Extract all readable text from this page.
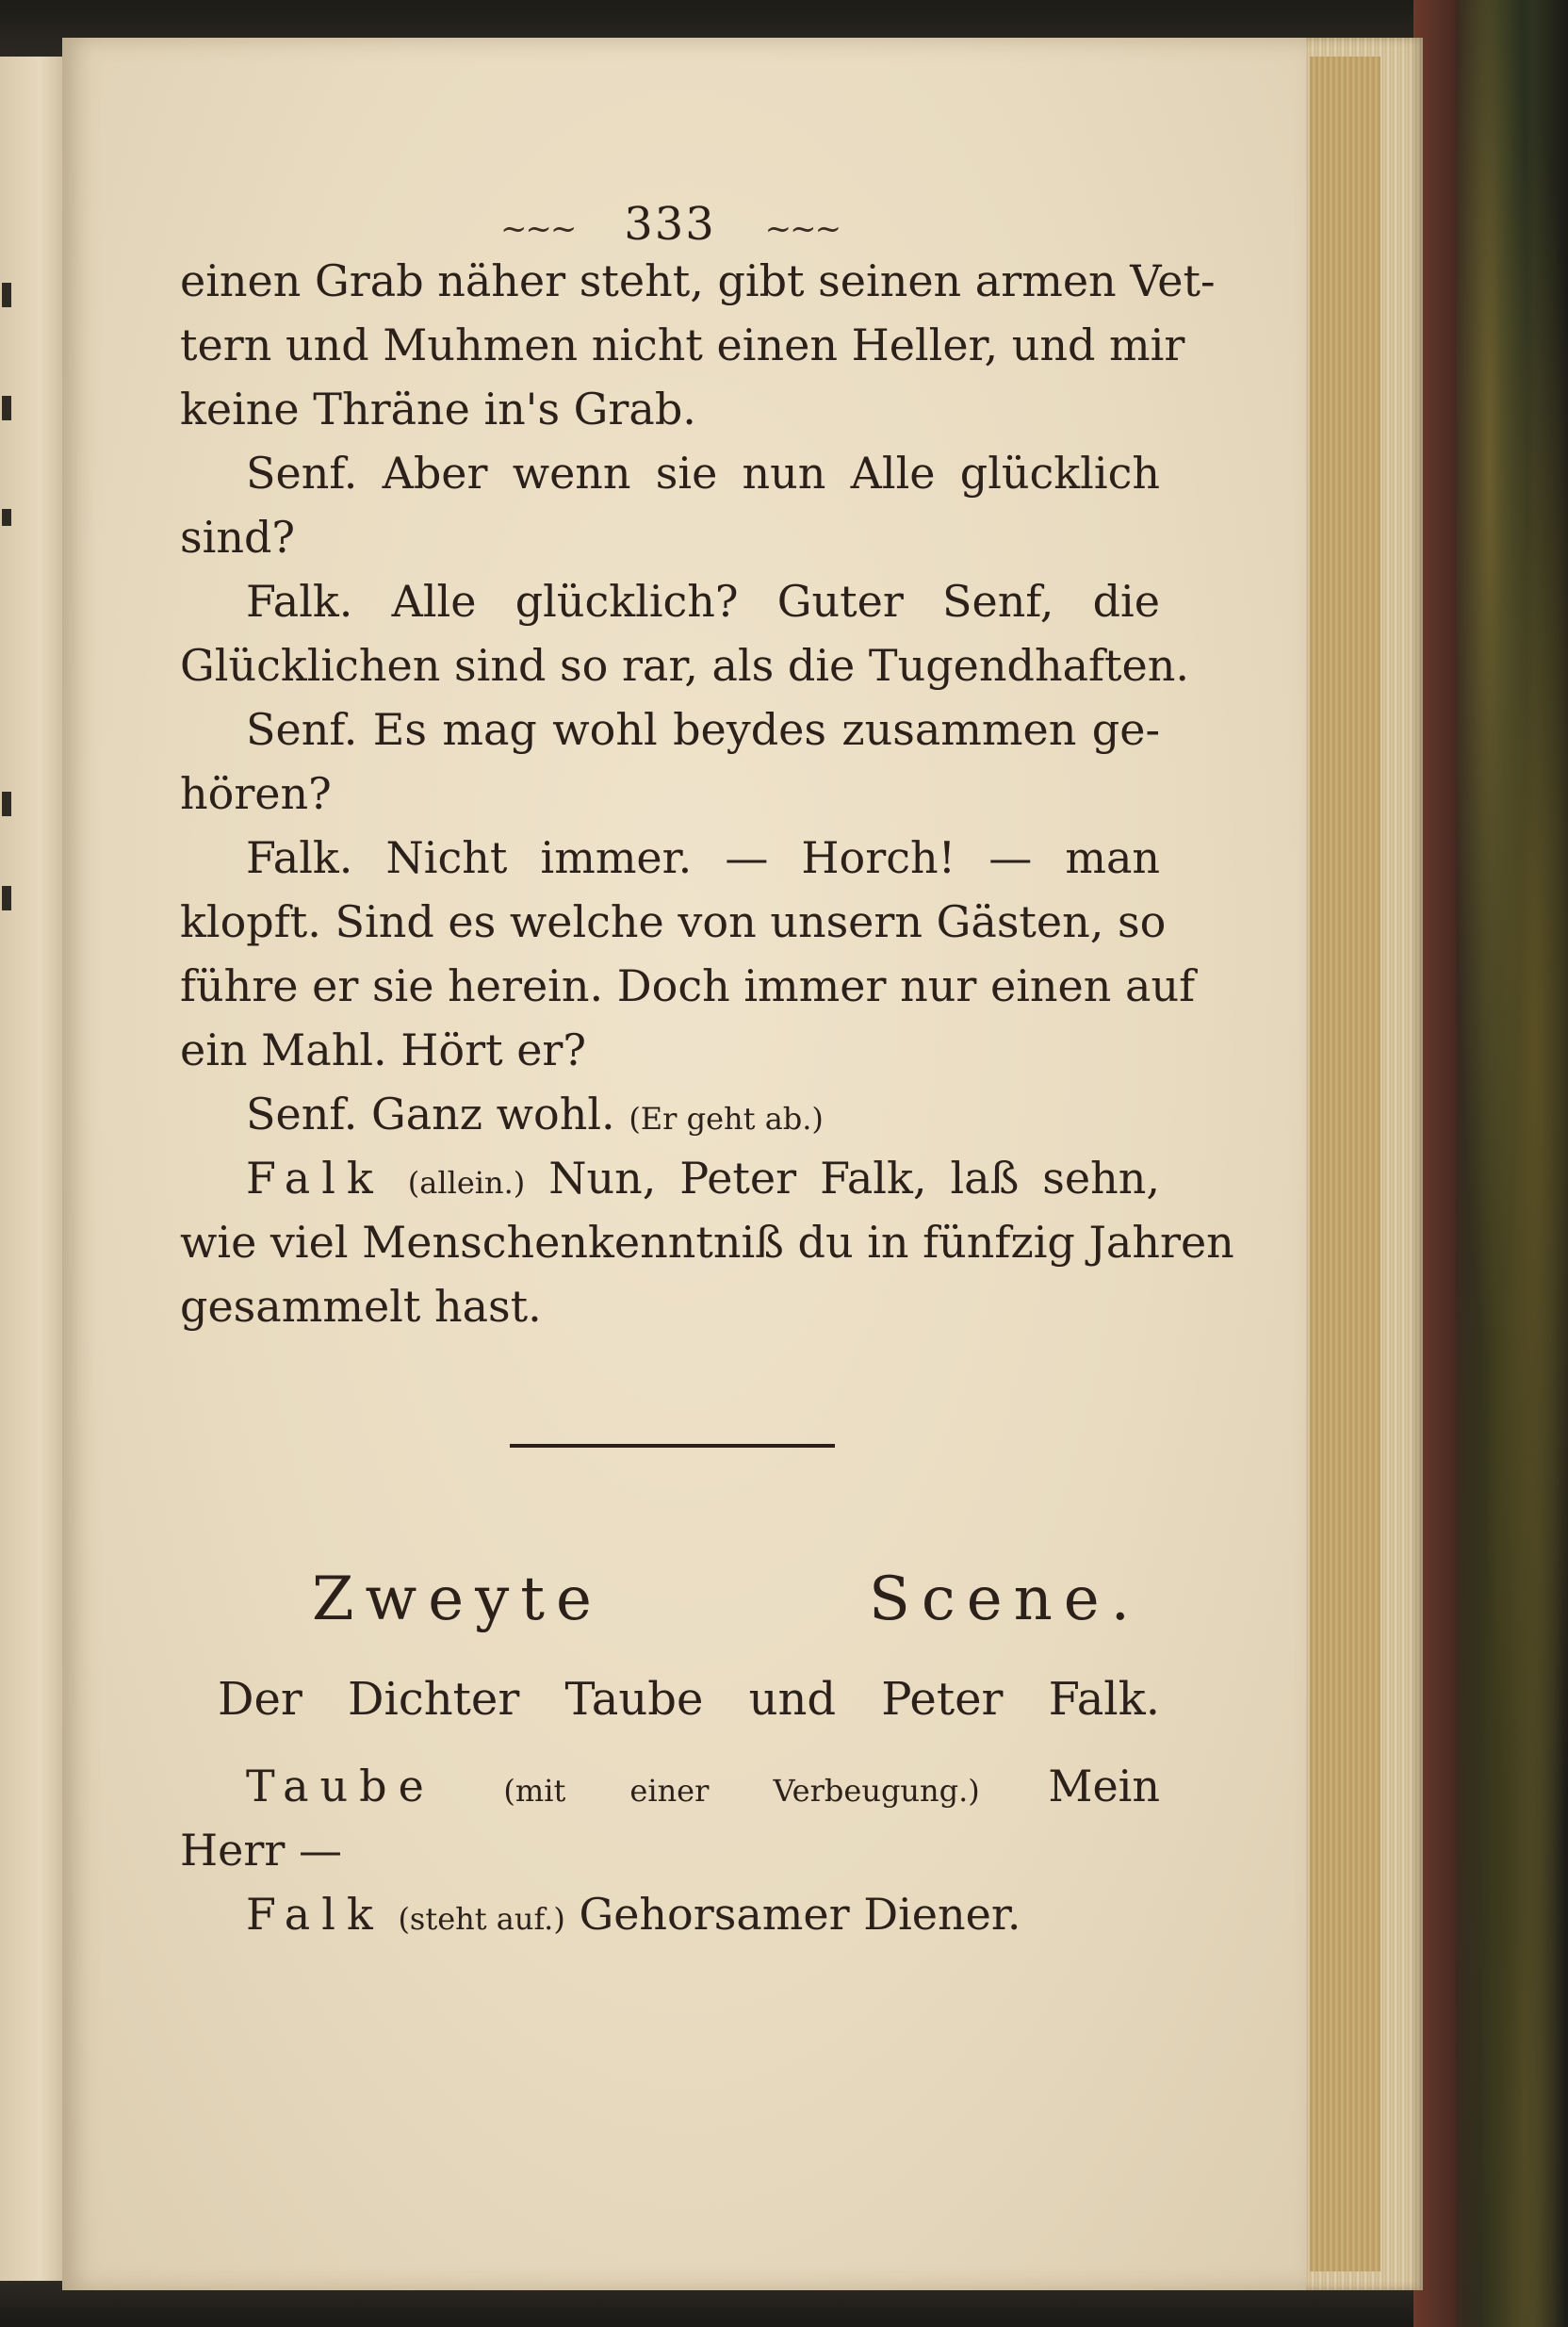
~~~ 333 ~~~
einen Grab näher steht, gibt seinen armen Vet-
tern und Muhmen nicht einen Heller, und mir
keine Thräne in's Grab.
Senf. Aber wenn sie nun Alle glücklich
sind?
Falk. Alle glücklich? Guter Senf, die
Glücklichen sind so rar, als die Tugendhaften.
Senf. Es mag wohl beydes zusammen ge-
hören?
Falk. Nicht immer. — Horch! — man
klopft. Sind es welche von unsern Gästen, so
führe er sie herein. Doch immer nur einen auf
ein Mahl. Hört er?
Senf. Ganz wohl. (Er geht ab.)
Falk (allein.) Nun, Peter Falk, laß sehn,
wie viel Menschenkenntniß du in fünfzig Jahren
gesammelt hast.
Zweyte Scene.
Der Dichter Taube und Peter Falk.
Taube (mit einer Verbeugung.) Mein
Herr —
Falk (steht auf.) Gehorsamer Diener.
